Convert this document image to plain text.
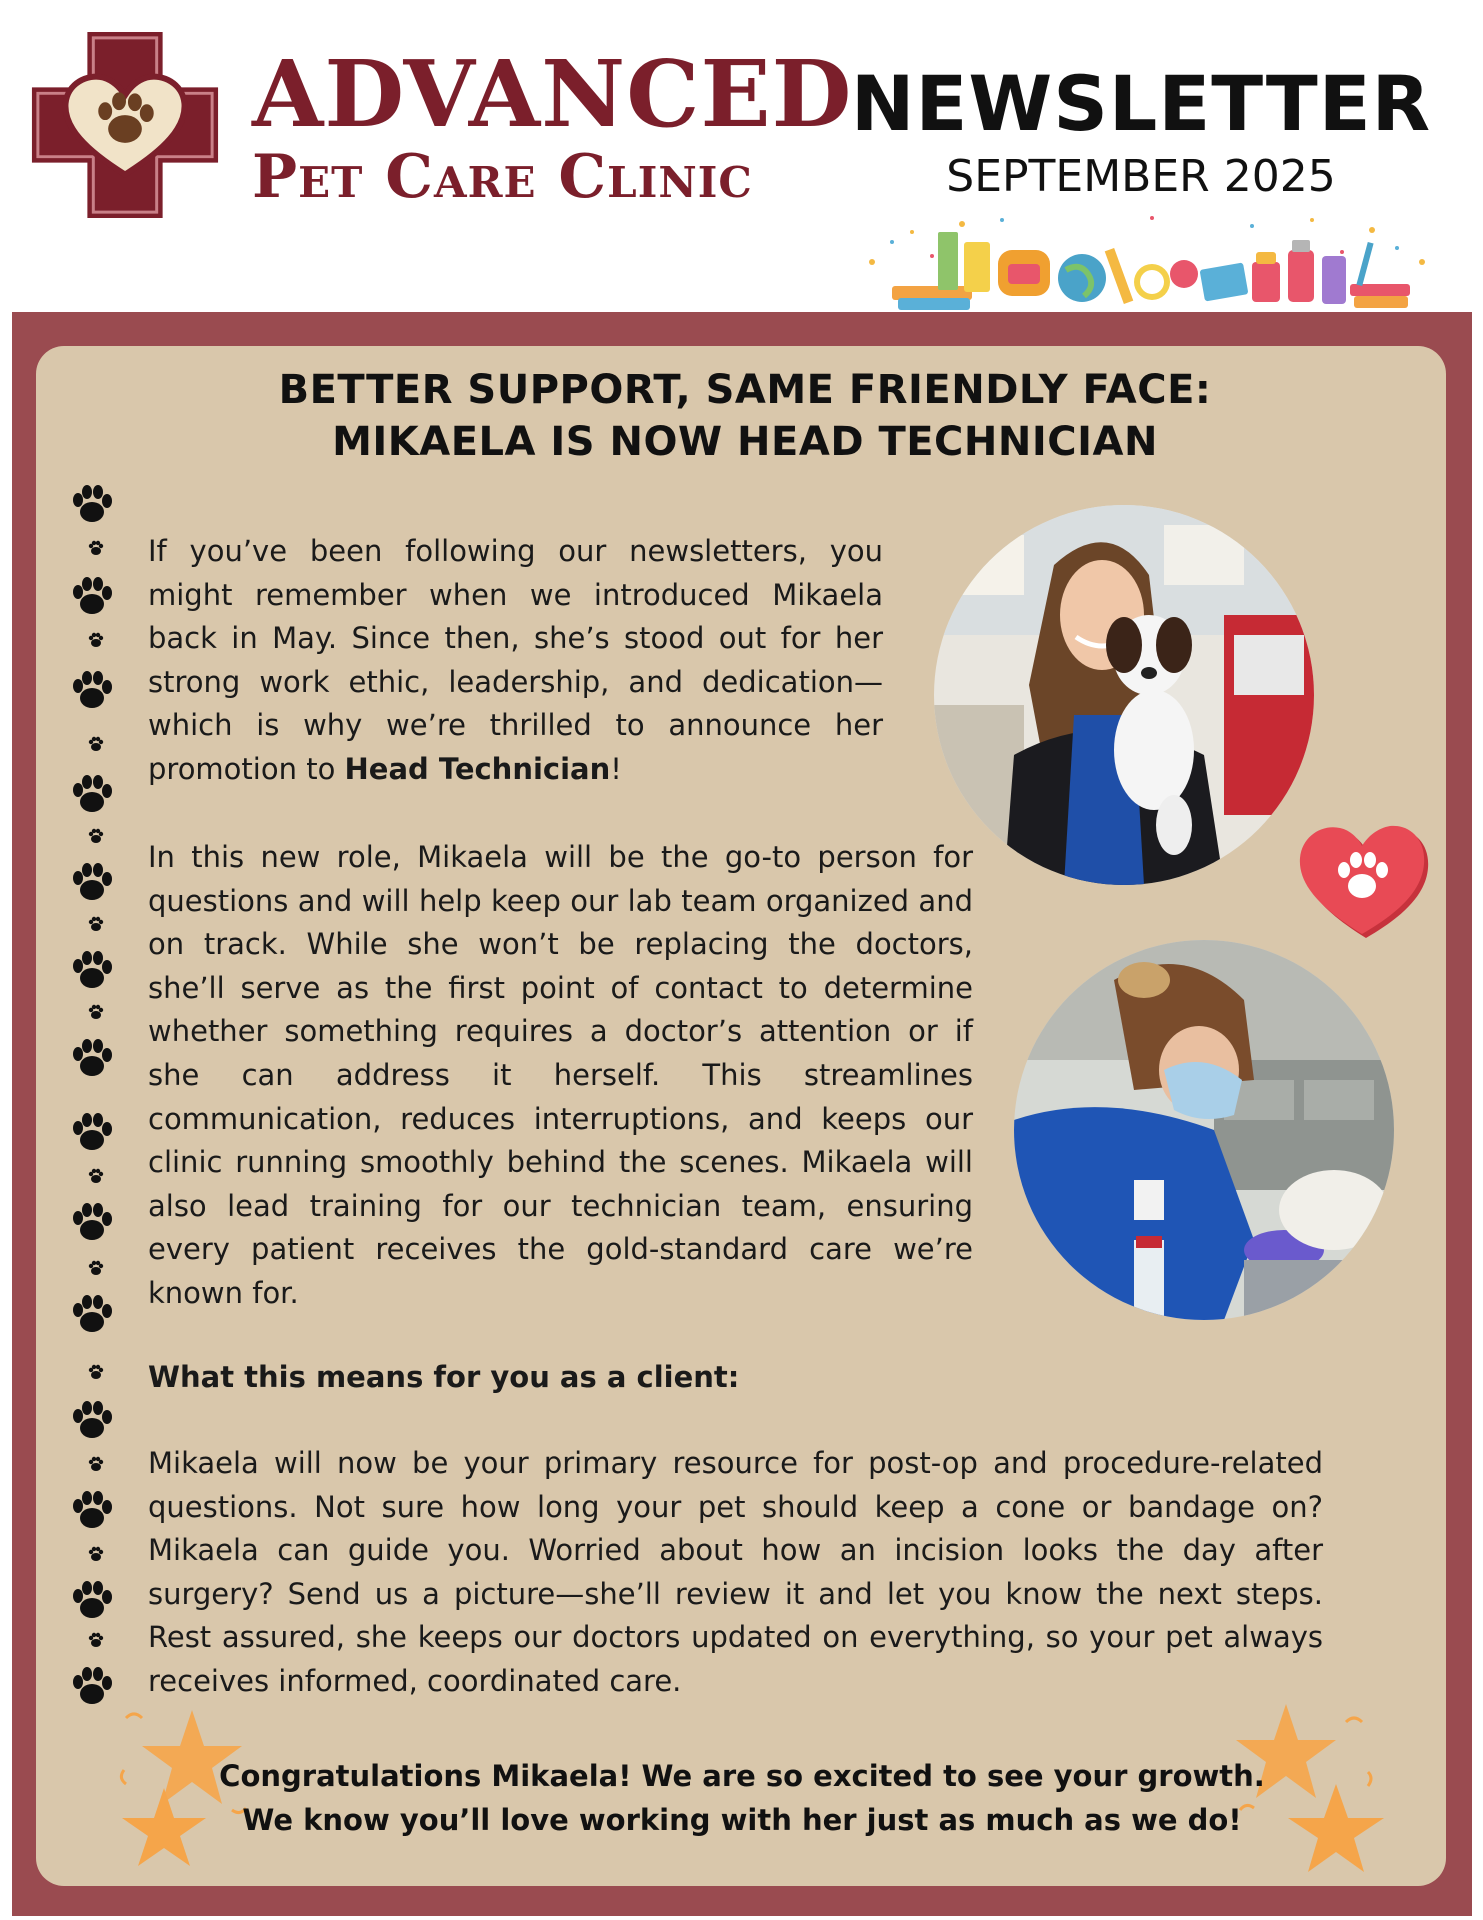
ADVANCED
Pet Care Clinic
NEWSLETTER
SEPTEMBER 2025
BETTER SUPPORT, SAME FRIENDLY FACE:
MIKAELA IS NOW HEAD TECHNICIAN

If you’ve been following our newsletters, you might remember when we introduced Mikaela back in May. Since then, she’s stood out for her strong work ethic, leadership, and dedication—which is why we’re thrilled to announce her promotion to Head Technician!

In this new role, Mikaela will be the go-to person for questions and will help keep our lab team organized and on track. While she won’t be replacing the doctors, she’ll serve as the first point of contact to determine whether something requires a doctor’s attention or if she can address it herself. This streamlines communication, reduces interruptions, and keeps our clinic running smoothly behind the scenes. Mikaela will also lead training for our technician team, ensuring every patient receives the gold-standard care we’re known for.

What this means for you as a client:

Mikaela will now be your primary resource for post-op and procedure-related questions. Not sure how long your pet should keep a cone or bandage on? Mikaela can guide you. Worried about how an incision looks the day after surgery? Send us a picture—she’ll review it and let you know the next steps. Rest assured, she keeps our doctors updated on everything, so your pet always receives informed, coordinated care.

Congratulations Mikaela! We are so excited to see your growth.
We know you’ll love working with her just as much as we do!
